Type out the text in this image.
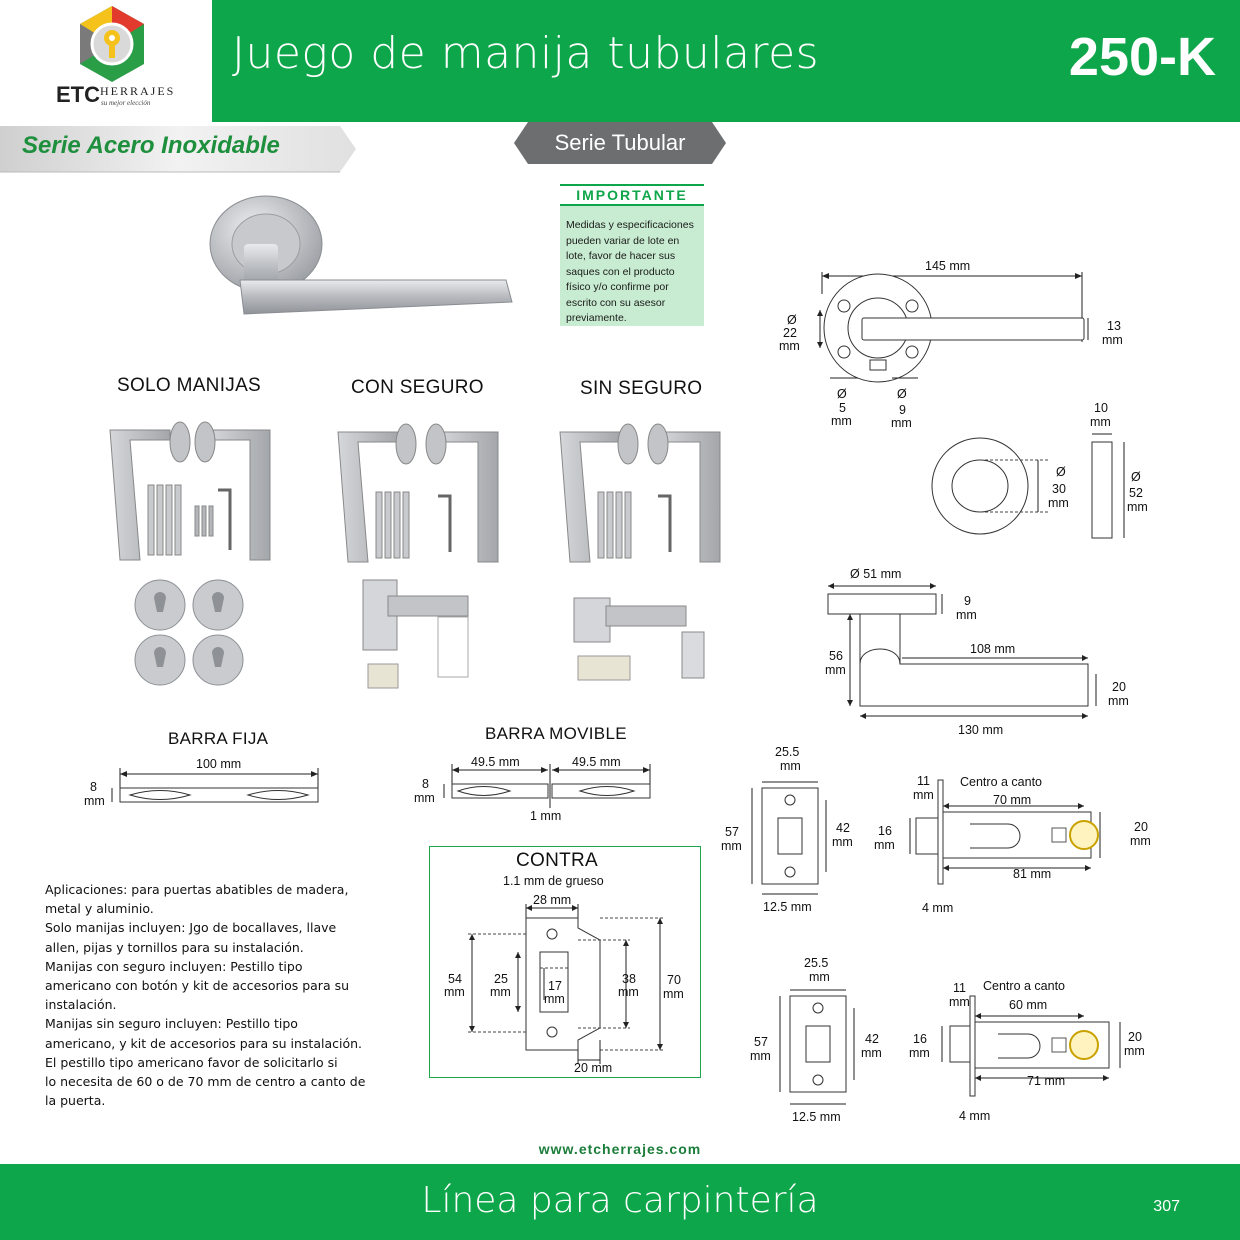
ETC HERRAJES
su mejor elección
Juego de manija tubulares	250-K
Serie Acero Inoxidable	Serie Tubular
IMPORTANTE
Medidas y especificaciones
pueden variar de lote en
lote, favor de hacer sus
saques con el producto
físico y/o confirme por
escrito con su asesor
previamente.
SOLO MANIJAS	CON SEGURO	SIN SEGURO
BARRA FIJA
100 mm
8
mm
BARRA MOVIBLE
49.5 mm	49.5 mm
1 mm
8
mm
CONTRA
1.1 mm de grueso
28 mm
54
mm
25
mm	17
mm
38
mm
70
mm
20 mm

Aplicaciones: para puertas abatibles de madera,

metal y aluminio.

Solo manijas incluyen: Jgo de bocallaves, llave

allen, pijas y tornillos para su instalación.

Manijas con seguro incluyen: Pestillo tipo

americano con botón y kit de accesorios para su

instalación.

Manijas sin seguro incluyen: Pestillo tipo

americano, y kit de accesorios para su instalación.

El pestillo tipo americano favor de solicitarlo si

lo necesita de 60 o de 70 mm de centro a canto de

la puerta.

145 mm
Ø
22
mm
13
mm
Ø
5
mm
Ø
9
mm
Ø
30
mm
Ø
52
mm
10
mm
Ø 51 mm
9
mm
108 mm
56
mm
20
mm
130 mm
25.5
mm
57
mm
42
mm
12.5 mm
11
mm
Centro a canto
70 mm
16
mm
20
mm
81 mm
4 mm
25.5
mm
57
mm
42
mm
12.5 mm
11
mm
Centro a canto
60 mm
16
mm
20
mm
71 mm
4 mm
www.etcherrajes.com
Línea para carpintería	307
